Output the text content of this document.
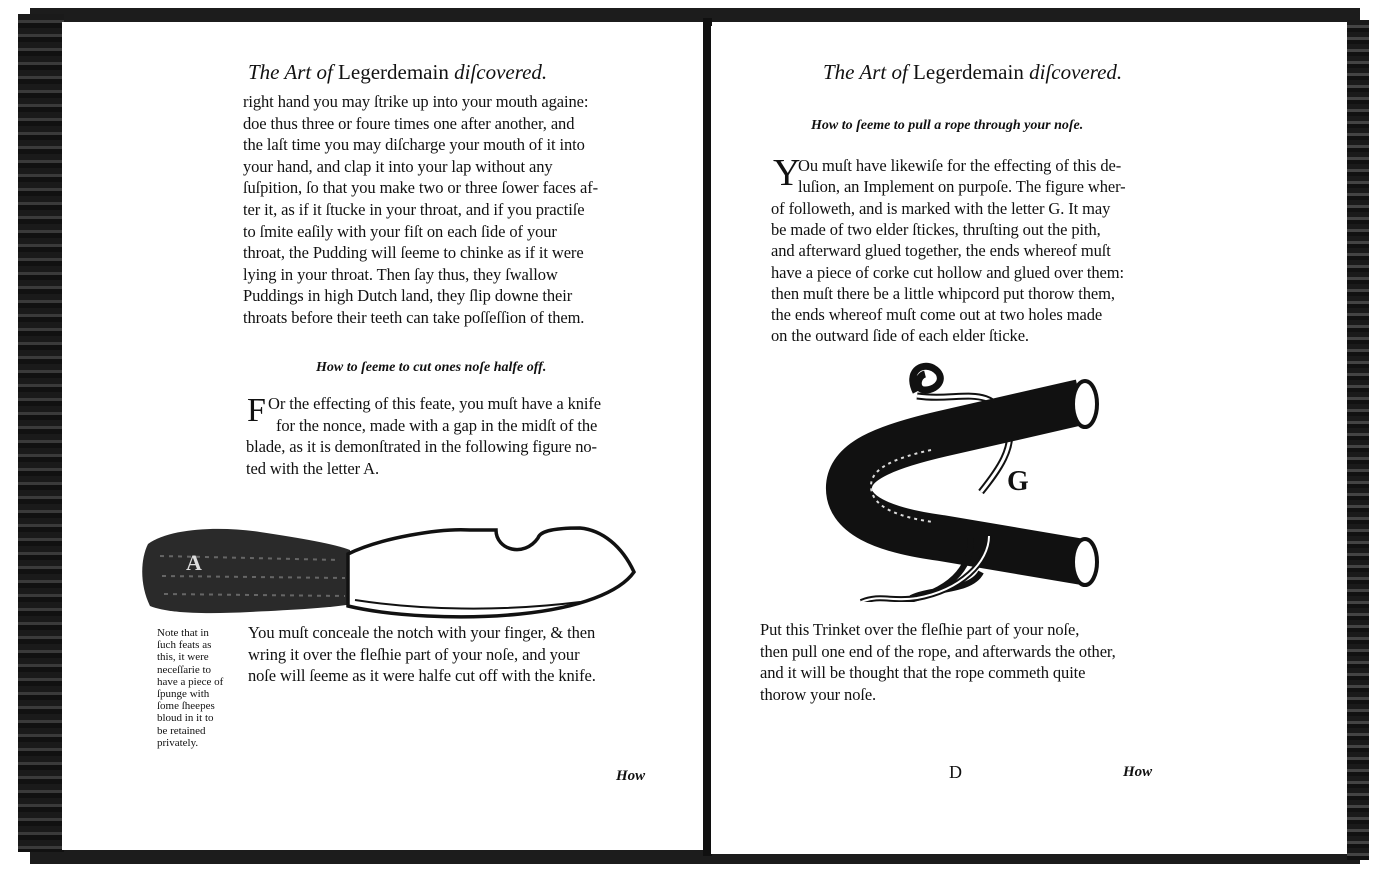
The Art of Legerdemain diſcovered.
right hand you may ſtrike up into your mouth againe:
doe thus three or foure times one after another, and
the laſt time you may diſcharge your mouth of it into
your hand, and clap it into your lap without any
ſuſpition, ſo that you make two or three ſower faces af-
ter it, as if it ſtucke in your throat, and if you practiſe
to ſmite eaſily with your fiſt on each ſide of your
throat, the Pudding will ſeeme to chinke as if it were
lying in your throat. Then ſay thus, they ſwallow
Puddings in high Dutch land, they ſlip downe their
throats before their teeth can take poſſeſſion of them.
How to ſeeme to cut ones noſe halfe off.
F Or the effecting of this feate, you muſt have a knife
for the nonce, made with a gap in the midſt of the
blade, as it is demonſtrated in the following figure no-
ted with the letter A.
A
Note that in
ſuch feats as
this, it were
neceſſarie to
have a piece of
ſpunge with
ſome ſheepes
bloud in it to
be retained
privately.
You muſt conceale the notch with your finger, & then
wring it over the fleſhie part of your noſe, and your
noſe will ſeeme as it were halfe cut off with the knife.
How
The Art of Legerdemain diſcovered.
How to ſeeme to pull a rope through your noſe.
Y
Ou muſt have likewiſe for the effecting of this de-
luſion, an Implement on purpoſe. The figure wher-
of followeth, and is marked with the letter G. It may
be made of two elder ſtickes, thruſting out the pith,
and afterward glued together, the ends whereof muſt
have a piece of corke cut hollow and glued over them:
then muſt there be a little whipcord put thorow them,
the ends whereof muſt come out at two holes made
on the outward ſide of each elder ſticke.
G
Put this Trinket over the fleſhie part of your noſe,
then pull one end of the rope, and afterwards the other,
and it will be thought that the rope commeth quite
thorow your noſe.
D	How
